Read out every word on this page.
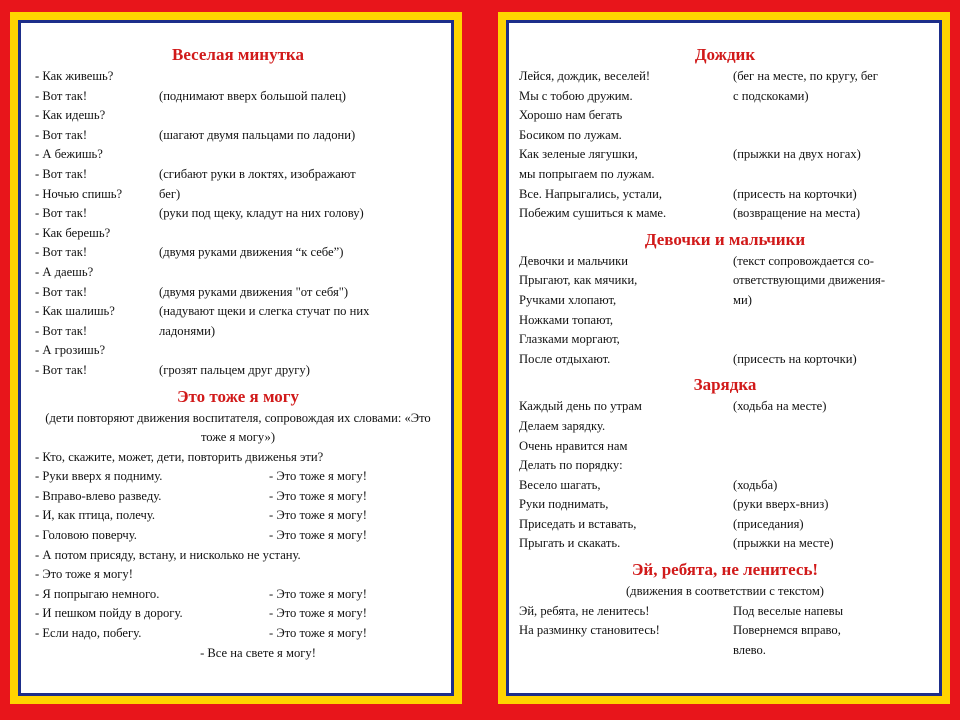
Веселая минутка
- Как живешь?
- Вот так!	(поднимают вверх большой палец)
- Как идешь?
- Вот так!	(шагают двумя пальцами по ладони)
- А бежишь?
- Вот так!	(сгибают руки в локтях, изображают
- Ночью спишь?	бег)
- Вот так!	(руки под щеку, кладут на них голову)
- Как берешь?
- Вот так!	(двумя руками движения “к себе”)
- А даешь?
- Вот так!	(двумя руками движения "от себя")
- Как шалишь?	(надувают щеки и слегка стучат по них
- Вот так!	ладонями)
- А грозишь?
- Вот так!	(грозят пальцем друг другу)
Это тоже я могу
(дети повторяют движения воспитателя, сопровождая их словами: «Это тоже я могу»)
- Кто, скажите, может, дети, повторить движенья эти?
- Руки вверх я подниму.	- Это тоже я могу!
- Вправо-влево разведу.	- Это тоже я могу!
- И, как птица, полечу.	- Это тоже я могу!
- Головою поверчу.	- Это тоже я могу!
- А потом присяду, встану, и нисколько не устану.
- Это тоже я могу!
- Я попрыгаю немного.	- Это тоже я могу!
- И пешком пойду в дорогу.	- Это тоже я могу!
- Если надо, побегу.	- Это тоже я могу!
- Все на свете я могу!
Дождик
Лейся, дождик, веселей!	(бег на месте, по кругу, бег
Мы с тобою дружим.	с подскоками)
Хорошо нам бегать
Босиком по лужам.
Как зеленые лягушки,	(прыжки на двух ногах)
мы попрыгаем по лужам.
Все. Напрыгались, устали,	(присесть на корточки)
Побежим сушиться к маме.	(возвращение на места)
Девочки и мальчики
Девочки и мальчики	(текст сопровождается со-
Прыгают, как мячики,	ответствующими движения-
Ручками хлопают,	ми)
Ножками топают,
Глазками моргают,
После отдыхают.	(присесть на корточки)
Зарядка
Каждый день по утрам	(ходьба на месте)
Делаем зарядку.
Очень нравится нам
Делать по порядку:
Весело шагать,	(ходьба)
Руки поднимать,	(руки вверх-вниз)
Приседать и вставать,	(приседания)
Прыгать и скакать.	(прыжки на месте)
Эй, ребята, не ленитесь!
(движения в соответствии с текстом)
Эй, ребята, не ленитесь!	Под веселые напевы
На разминку становитесь!	Повернемся вправо,
влево.
